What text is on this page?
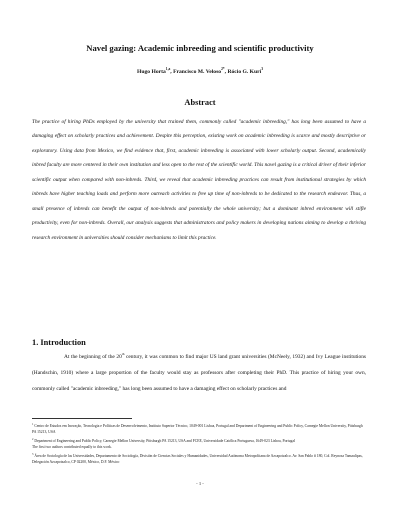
Navel gazing: Academic inbreeding and scientific productivity
Hugo Horta$^{1,a}$, Francisco M. Veloso$^{2*}$, Rócio G. Kuri$^3$
Abstract
The practice of hiring PhDs employed by the university that trained them, commonly called "academic inbreeding," has long been assumed to have a damaging effect on scholarly practices and achievement. Despite this perception, existing work on academic inbreeding is scarce and mostly descriptive or exploratory. Using data from Mexico, we find evidence that, first, academic inbreeding is associated with lower scholarly output. Second, academically inbred faculty are more centered in their own institution and less open to the rest of the scientific world. This navel gazing is a critical driver of their inferior scientific output when compared with non-inbreds. Third, we reveal that academic inbreeding practices can result from institutional strategies by which inbreds have higher teaching loads and perform more outreach activities to free up time of non-inbreds to be dedicated to the research endeavor. Thus, a small presence of inbreds can benefit the output of non-inbreds and potentially the whole university; but a dominant inbred environment will stifle productivity, even for non-inbreds. Overall, our analysis suggests that administrators and policy makers in developing nations aiming to develop a thriving research environment in universities should consider mechanisms to limit this practice.
1. Introduction

At the beginning of the 20th century, it was common to find major US land grant universities (McNeely, 1932) and Ivy League institutions (Handschin, 1910) where a large proportion of the faculty would stay as professors after completing their PhD. This practice of hiring your own, commonly called "academic inbreeding," has long been assumed to have a damaging effect on scholarly practices and

$^1$ Centro de Estudos em Inovação, Tecnologia e Políticas de Desenvolvimento, Instituto Superior Técnico, 1049-001 Lisboa, Portugal and Department of Engineering and Public Policy, Carnegie Mellon University, Pittsburgh PA 15213, USA
$^2$ Department of Engineering and Public Policy, Carnegie Mellon University, Pittsburgh PA 15213, USA and FCEE, Universidade Católica Portuguesa, 1649-023 Lisboa, Portugal
The first two authors contributed equally to this work.
$^3$ Área de Sociología de las Universidades, Departamento de Sociología, División de Ciencias Sociales y Humanidades, Universidad Autónoma Metropolitana de Azcapotzalco. Av. San Pablo # 180, Col. Reynosa Tamaulipas, Delegación Azcapotzalco, CP 02200, México, D.F. México
- 1 -
